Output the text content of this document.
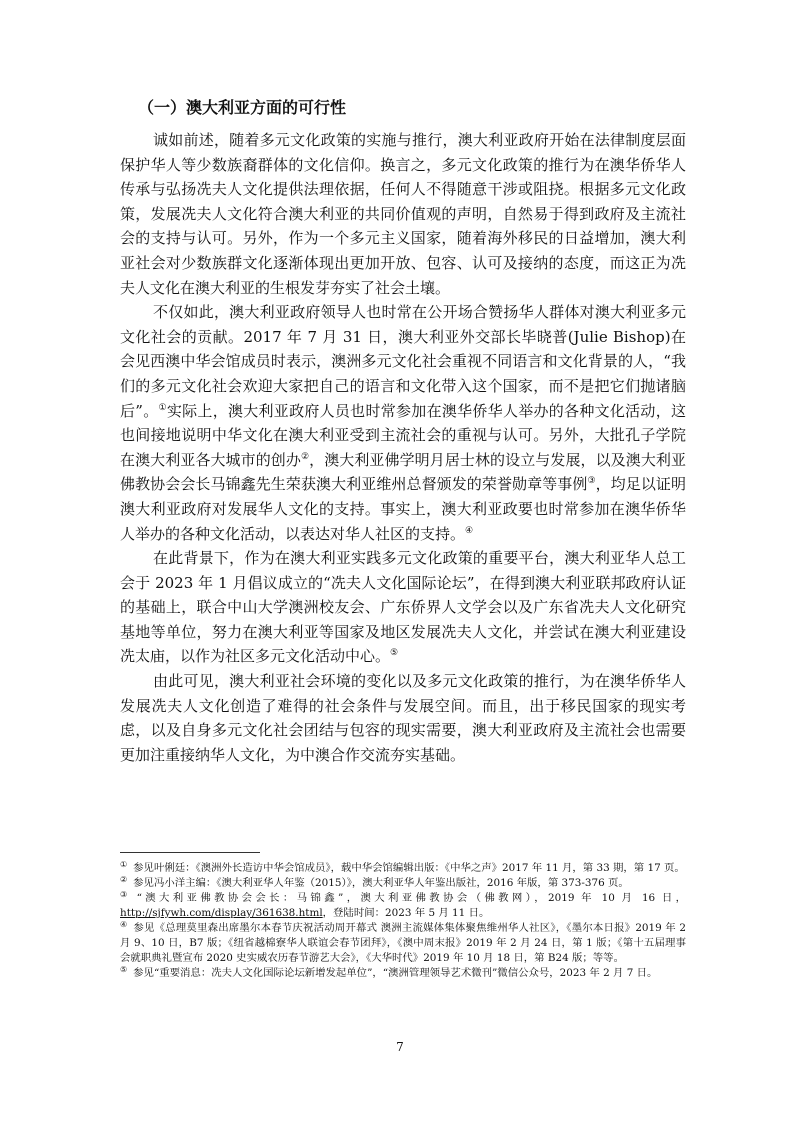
（一）澳大利亚方面的可行性

诚如前述，随着多元文化政策的实施与推行，澳大利亚政府开始在法律制度层面保护华人等少数族裔群体的文化信仰。换言之，多元文化政策的推行为在澳华侨华人传承与弘扬冼夫人文化提供法理依据，任何人不得随意干涉或阻挠。根据多元文化政策，发展冼夫人文化符合澳大利亚的共同价值观的声明，自然易于得到政府及主流社会的支持与认可。另外，作为一个多元主义国家，随着海外移民的日益增加，澳大利亚社会对少数族群文化逐渐体现出更加开放、包容、认可及接纳的态度，而这正为冼夫人文化在澳大利亚的生根发芽夯实了社会土壤。

不仅如此，澳大利亚政府领导人也时常在公开场合赞扬华人群体对澳大利亚多元文化社会的贡献。2017 年 7 月 31 日，澳大利亚外交部长毕晓普(Julie Bishop)在会见西澳中华会馆成员时表示，澳洲多元文化社会重视不同语言和文化背景的人，“我们的多元文化社会欢迎大家把自己的语言和文化带入这个国家，而不是把它们抛诸脑后”。①实际上，澳大利亚政府人员也时常参加在澳华侨华人举办的各种文化活动，这也间接地说明中华文化在澳大利亚受到主流社会的重视与认可。另外，大批孔子学院在澳大利亚各大城市的创办②，澳大利亚佛学明月居士林的设立与发展，以及澳大利亚佛教协会会长马锦鑫先生荣获澳大利亚维州总督颁发的荣誉勋章等事例③，均足以证明澳大利亚政府对发展华人文化的支持。事实上，澳大利亚政要也时常参加在澳华侨华人举办的各种文化活动，以表达对华人社区的支持。④

在此背景下，作为在澳大利亚实践多元文化政策的重要平台，澳大利亚华人总工会于 2023 年 1 月倡议成立的“冼夫人文化国际论坛”，在得到澳大利亚联邦政府认证的基础上，联合中山大学澳洲校友会、广东侨界人文学会以及广东省冼夫人文化研究基地等单位，努力在澳大利亚等国家及地区发展冼夫人文化，并尝试在澳大利亚建设冼太庙，以作为社区多元文化活动中心。⑤

由此可见，澳大利亚社会环境的变化以及多元文化政策的推行，为在澳华侨华人发展冼夫人文化创造了难得的社会条件与发展空间。而且，出于移民国家的现实考虑，以及自身多元文化社会团结与包容的现实需要，澳大利亚政府及主流社会也需要更加注重接纳华人文化，为中澳合作交流夯实基础。

① 参见叶俐廷：《澳洲外长造访中华会馆成员》，载中华会馆编辑出版：《中华之声》2017 年 11 月，第 33 期，第 17 页。

② 参见冯小洋主编：《澳大利亚华人年鉴（2015）》，澳大利亚华人年鉴出版社，2016 年版，第 373-376 页。

③ “澳大利亚佛教协会会长：马锦鑫”，澳大利亚佛教协会（佛教网），2019 年 10 月 16 日，http://sjfywh.com/display/361638.html，登陆时间：2023 年 5 月 11 日。

④ 参见《总理莫里森出席墨尔本春节庆祝活动周开幕式 澳洲主流媒体集体聚焦维州华人社区》，《墨尔本日报》2019 年 2 月 9、10 日，B7 版；《纽省越棉寮华人联谊会春节团拜》，《澳中周末报》2019 年 2 月 24 日，第 1 版；《第十五届理事会就职典礼暨宣布 2020 史实威农历春节游艺大会》，《大华时代》2019 年 10 月 18 日，第 B24 版；等等。

⑤ 参见“重要消息：冼夫人文化国际论坛新增发起单位”，“澳洲管理领导艺术微刊”微信公众号，2023 年 2 月 7 日。

7
